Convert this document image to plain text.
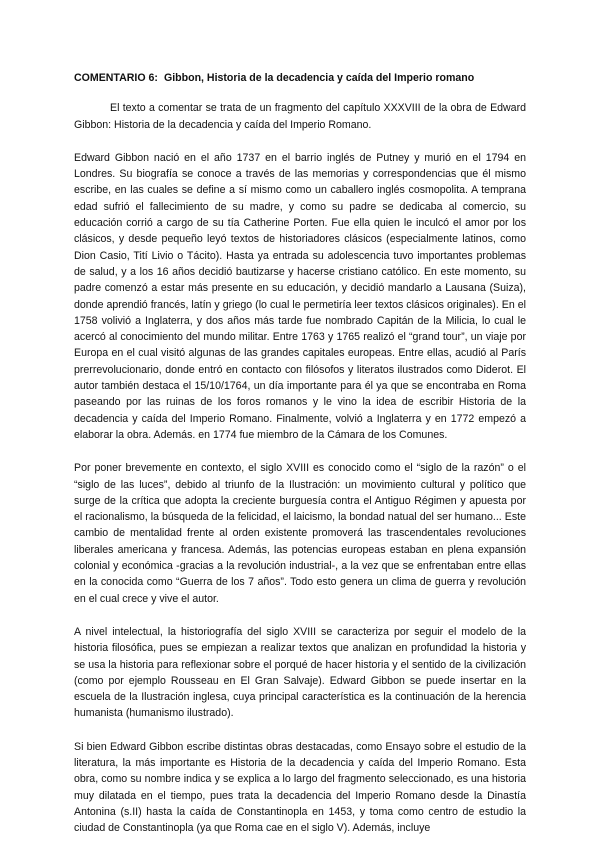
COMENTARIO 6: Gibbon, Historia de la decadencia y caída del Imperio romano

El texto a comentar se trata de un fragmento del capítulo XXXVIII de la obra de Edward Gibbon: Historia de la decadencia y caída del Imperio Romano.

Edward Gibbon nació en el año 1737 en el barrio inglés de Putney y murió en el 1794 en Londres. Su biografía se conoce a través de las memorias y correspondencias que él mismo escribe, en las cuales se define a sí mismo como un caballero inglés cosmopolita. A temprana edad sufrió el fallecimiento de su madre, y como su padre se dedicaba al comercio, su educación corrió a cargo de su tía Catherine Porten. Fue ella quien le inculcó el amor por los clásicos, y desde pequeño leyó textos de historiadores clásicos (especialmente latinos, como Dion Casio, Tití Livio o Tácito). Hasta ya entrada su adolescencia tuvo importantes problemas de salud, y a los 16 años decidió bautizarse y hacerse cristiano católico. En este momento, su padre comenzó a estar más presente en su educación, y decidió mandarlo a Lausana (Suiza), donde aprendió francés, latín y griego (lo cual le permetiría leer textos clásicos originales). En el 1758 volivió a Inglaterra, y dos años más tarde fue nombrado Capitán de la Milicia, lo cual le acercó al conocimiento del mundo militar. Entre 1763 y 1765 realizó el “grand tour”, un viaje por Europa en el cual visitó algunas de las grandes capitales europeas. Entre ellas, acudió al París prerrevolucionario, donde entró en contacto con filósofos y literatos ilustrados como Diderot. El autor también destaca el 15/10/1764, un día importante para él ya que se encontraba en Roma paseando por las ruinas de los foros romanos y le vino la idea de escribir Historia de la decadencia y caída del Imperio Romano. Finalmente, volvió a Inglaterra y en 1772 empezó a elaborar la obra. Además. en 1774 fue miembro de la Cámara de los Comunes.

Por poner brevemente en contexto, el siglo XVIII es conocido como el “siglo de la razón” o el “siglo de las luces”, debido al triunfo de la Ilustración: un movimiento cultural y político que surge de la crítica que adopta la creciente burguesía contra el Antiguo Régimen y apuesta por el racionalismo, la búsqueda de la felicidad, el laicismo, la bondad natual del ser humano... Este cambio de mentalidad frente al orden existente promoverá las trascendentales revoluciones liberales americana y francesa. Además, las potencias europeas estaban en plena expansión colonial y económica -gracias a la revolución industrial-, a la vez que se enfrentaban entre ellas en la conocida como “Guerra de los 7 años”. Todo esto genera un clima de guerra y revolución en el cual crece y vive el autor.

A nivel intelectual, la historiografía del siglo XVIII se caracteriza por seguir el modelo de la historia filosófica, pues se empiezan a realizar textos que analizan en profundidad la historia y se usa la historia para reflexionar sobre el porqué de hacer historia y el sentido de la civilización (como por ejemplo Rousseau en El Gran Salvaje). Edward Gibbon se puede insertar en la escuela de la Ilustración inglesa, cuya principal característica es la continuación de la herencia humanista (humanismo ilustrado).

Si bien Edward Gibbon escribe distintas obras destacadas, como Ensayo sobre el estudio de la literatura, la más importante es Historia de la decadencia y caída del Imperio Romano. Esta obra, como su nombre indica y se explica a lo largo del fragmento seleccionado, es una historia muy dilatada en el tiempo, pues trata la decadencia del Imperio Romano desde la Dinastía Antonina (s.II) hasta la caída de Constantinopla en 1453, y toma como centro de estudio la ciudad de Constantinopla (ya que Roma cae en el siglo V). Además, incluye
